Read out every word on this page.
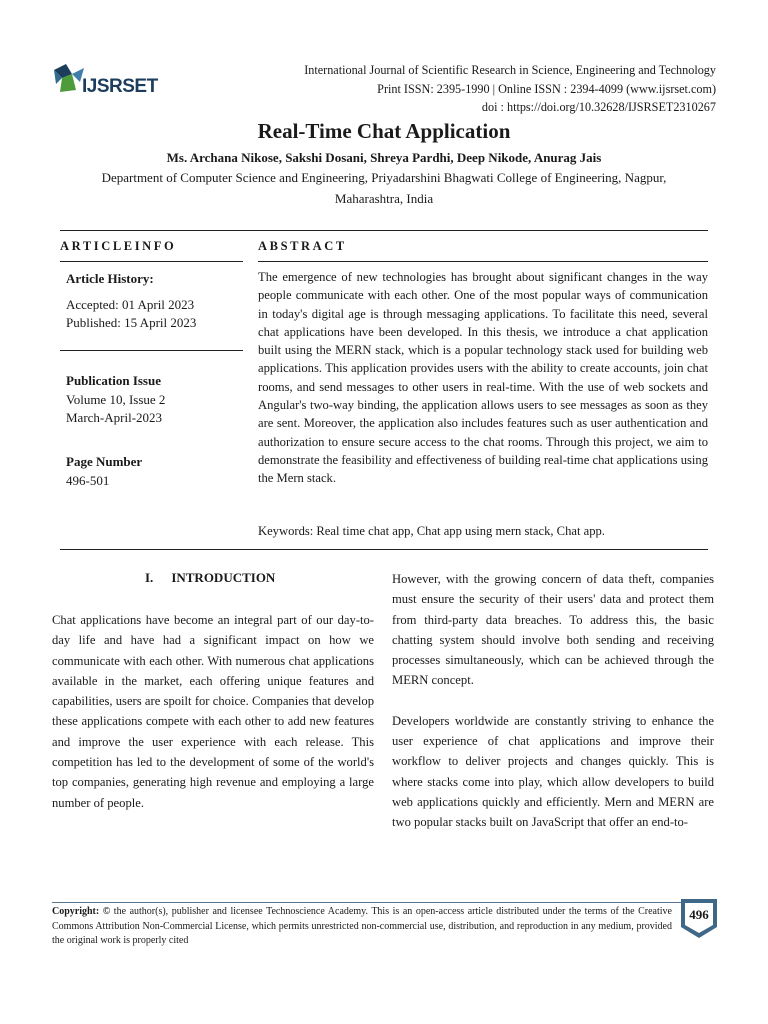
IJSRSET
International Journal of Scientific Research in Science, Engineering and Technology
Print ISSN: 2395-1990 | Online ISSN : 2394-4099 (www.ijsrset.com)
doi : https://doi.org/10.32628/IJSRSET2310267
Real-Time Chat Application
Ms. Archana Nikose, Sakshi Dosani, Shreya Pardhi, Deep Nikode, Anurag Jais
Department of Computer Science and Engineering, Priyadarshini Bhagwati College of Engineering, Nagpur,
Maharashtra, India
ARTICLEINFO	ABSTRACT
Article History:
Accepted: 01 April 2023
Published: 15 April 2023
Publication Issue
Volume 10, Issue 2
March-April-2023
Page Number
496-501
The emergence of new technologies has brought about significant changes in the way people communicate with each other. One of the most popular ways of communication in today's digital age is through messaging applications. To facilitate this need, several chat applications have been developed. In this thesis, we introduce a chat application built using the MERN stack, which is a popular technology stack used for building web applications. This application provides users with the ability to create accounts, join chat rooms, and send messages to other users in real-time. With the use of web sockets and Angular's two-way binding, the application allows users to see messages as soon as they are sent. Moreover, the application also includes features such as user authentication and authorization to ensure secure access to the chat rooms. Through this project, we aim to demonstrate the feasibility and effectiveness of building real-time chat applications using the Mern stack.
Keywords: Real time chat app, Chat app using mern stack, Chat app.
I. INTRODUCTION

Chat applications have become an integral part of our day-to-day life and have had a significant impact on how we communicate with each other. With numerous chat applications available in the market, each offering unique features and capabilities, users are spoilt for choice. Companies that develop these applications compete with each other to add new features and improve the user experience with each release. This competition has led to the development of some of the world's top companies, generating high revenue and employing a large number of people.

However, with the growing concern of data theft, companies must ensure the security of their users' data and protect them from third-party data breaches. To address this, the basic chatting system should involve both sending and receiving processes simultaneously, which can be achieved through the MERN concept.

Developers worldwide are constantly striving to enhance the user experience of chat applications and improve their workflow to deliver projects and changes quickly. This is where stacks come into play, which allow developers to build web applications quickly and efficiently. Mern and MERN are two popular stacks built on JavaScript that offer an end-to-

Copyright: © the author(s), publisher and licensee Technoscience Academy. This is an open-access article distributed under the terms of the Creative Commons Attribution Non-Commercial License, which permits unrestricted non-commercial use, distribution, and reproduction in any medium, provided the original work is properly cited
496
